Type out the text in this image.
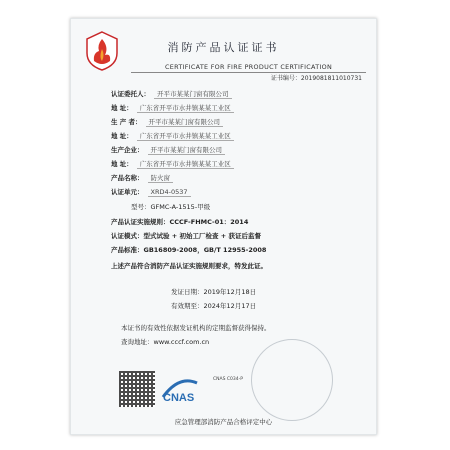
消防产品认证证书
CERTIFICATE FOR FIRE PRODUCT CERTIFICATION
证书编号：2019081811010731
认证委托人： 开平市某某门窗有限公司
地 址： 广东省开平市水井镇某某工业区
生 产 者： 开平市某某门窗有限公司
地 址： 广东省开平市水井镇某某工业区
生产企业： 开平市某某门窗有限公司
地 址： 广东省开平市水井镇某某工业区
产品名称： 防火窗
认证单元： XRD4-0537
型号：GFMC-A-1515-甲级
产品认证实施规则：CCCF-FHMC-01：2014
认证模式：型式试验 + 初始工厂检查 + 获证后监督
产品标准：GB16809-2008，GB/T 12955-2008
上述产品符合消防产品认证实施规则要求，特发此证。
发证日期：2019年12月18日
有效期至：2024年12月17日
本证书的有效性依据发证机构的定期监督获得保持。
查询地址：www.cccf.com.cn
CNAS
CNAS C034-P
应急管理部消防产品合格评定中心
